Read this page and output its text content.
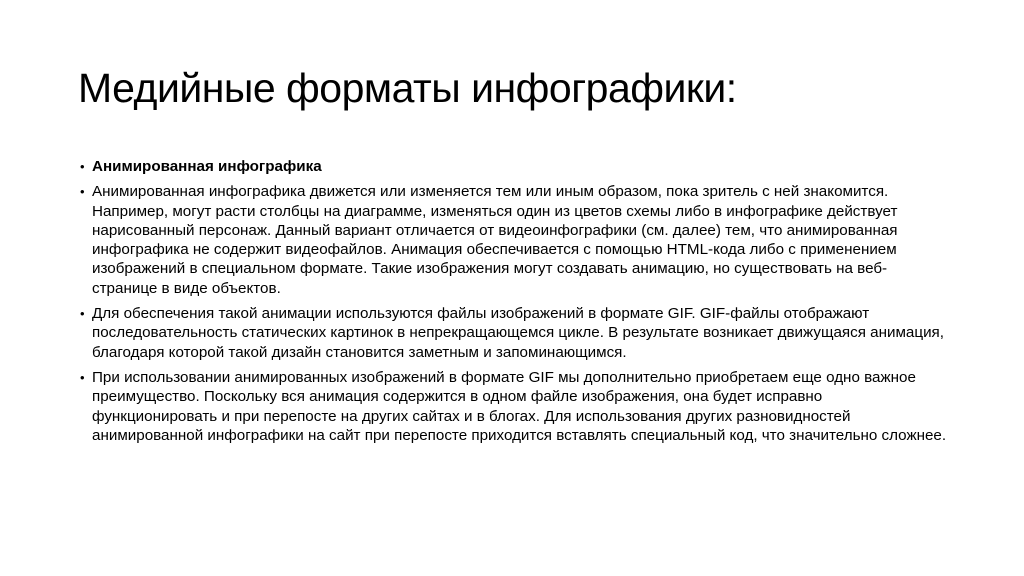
Медийные форматы инфографики:
• Анимированная инфографика
• Анимированная инфографика движется или изменяется тем или иным образом, пока зритель с ней знакомится. Например, могут расти столбцы на диаграмме, изменяться один из цветов схемы либо в инфографике действует нарисованный персонаж. Данный вариант отличается от видеоинфографики (см. далее) тем, что анимированная инфографика не содержит видеофайлов. Анимация обеспечивается с помощью HTML-кода либо с применением изображений в специальном формате. Такие изображения могут создавать анимацию, но существовать на веб-странице в виде объектов.
• Для обеспечения такой анимации используются файлы изображений в формате GIF. GIF-файлы отображают последовательность статических картинок в непрекращающемся цикле. В результате возникает движущаяся анимация, благодаря которой такой дизайн становится заметным и запоминающимся.
• При использовании анимированных изображений в формате GIF мы дополнительно приобретаем еще одно важное преимущество. Поскольку вся анимация содержится в одном файле изображения, она будет исправно функционировать и при перепосте на других сайтах и в блогах. Для использования других разновидностей анимированной инфографики на сайт при перепосте приходится вставлять специальный код, что значительно сложнее.
